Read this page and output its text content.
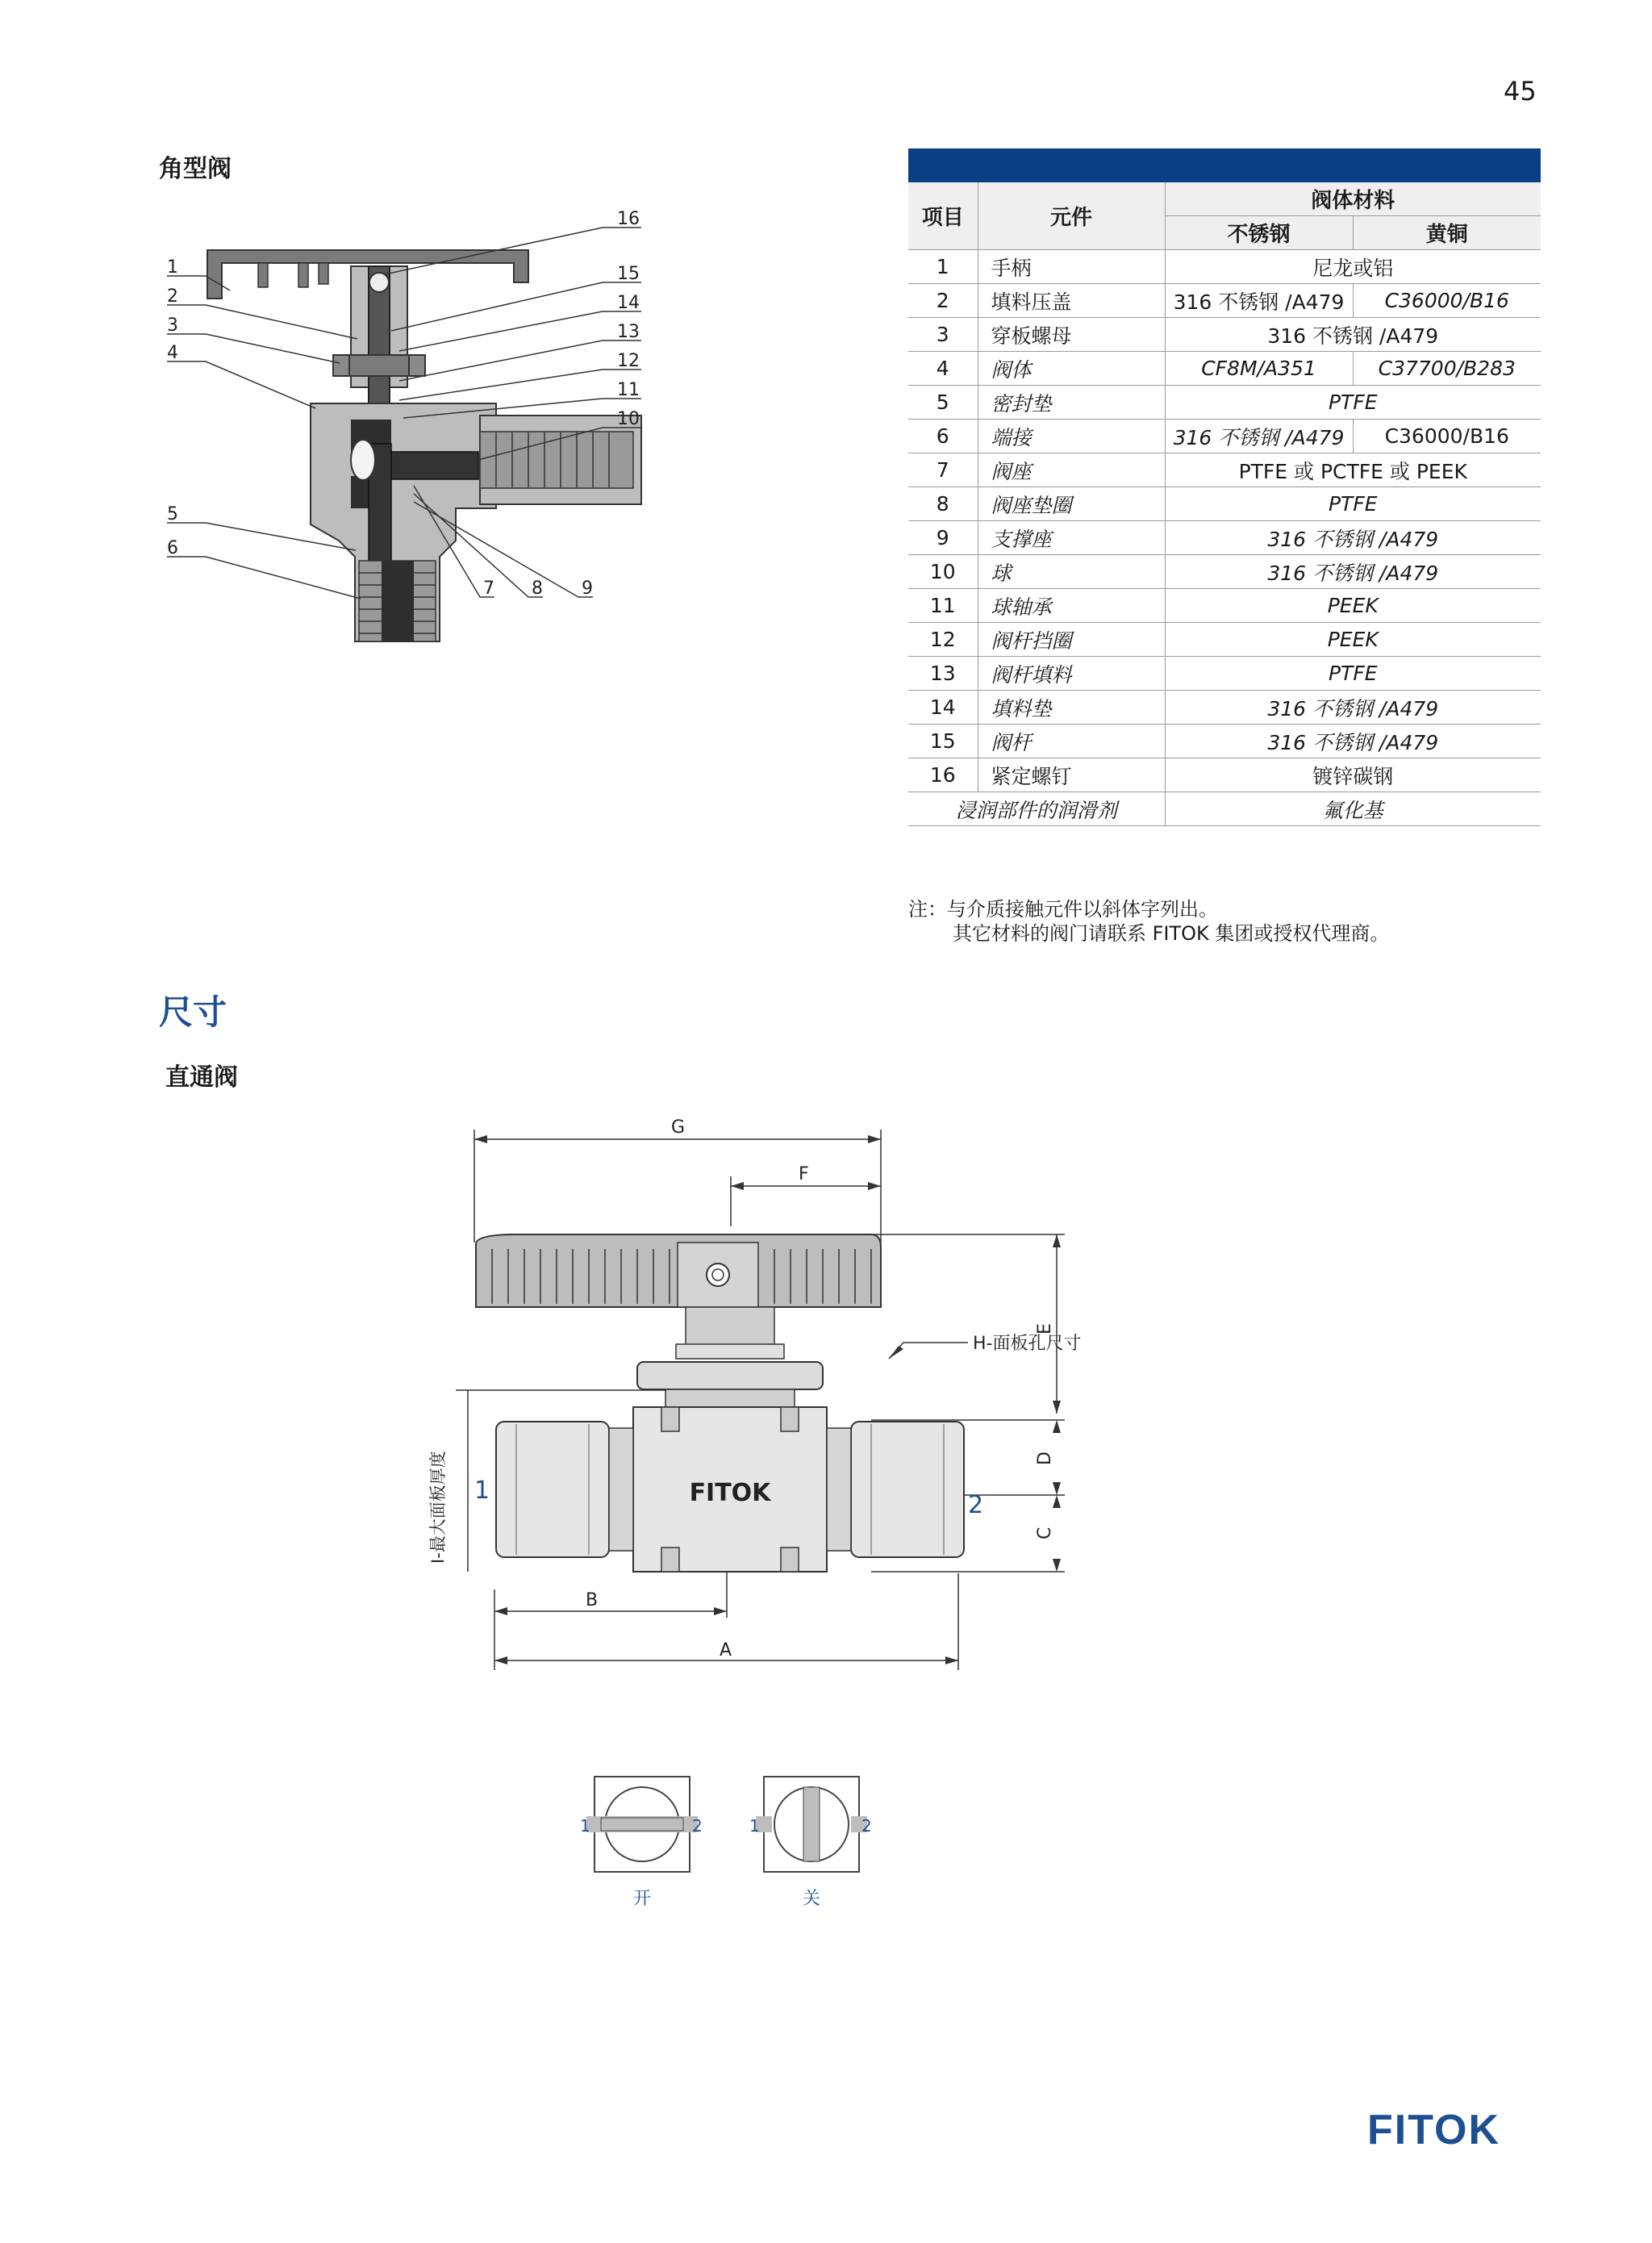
45
角型阀
1
2
3
4
5
6
16
15
14
13
12
11
10
7 8 9
项目	元件	阀体材料	
		不锈钢	黄铜
1	手柄	尼龙或铝	
2	填料压盖	316 不锈钢 /A479	C36000/B16
3	穿板螺母	316 不锈钢 /A479	
4	阀体	CF8M/A351	C37700/B283
5	密封垫	PTFE	
6	端接	316 不锈钢 /A479	C36000/B16
7	阀座	PTFE 或 PCTFE 或 PEEK	
8	阀座垫圈	PTFE	
9	支撑座	316 不锈钢 /A479	
10	球	316 不锈钢 /A479	
11	球轴承	PEEK	
12	阀杆挡圈	PEEK	
13	阀杆填料	PTFE	
14	填料垫	316 不锈钢 /A479	
15	阀杆	316 不锈钢 /A479	
16	紧定螺钉	镀锌碳钢	
浸润部件的润滑剂		氟化基	
注：与介质接触元件以斜体字列出。
其它材料的阀门请联系 FITOK 集团或授权代理商。
尺寸
直通阀
G
F
B
A
H-面板孔尺寸
E
D
C
I-最大面板厚度 1
2
FITOK
1	2
开
1	2
关
FITOK
